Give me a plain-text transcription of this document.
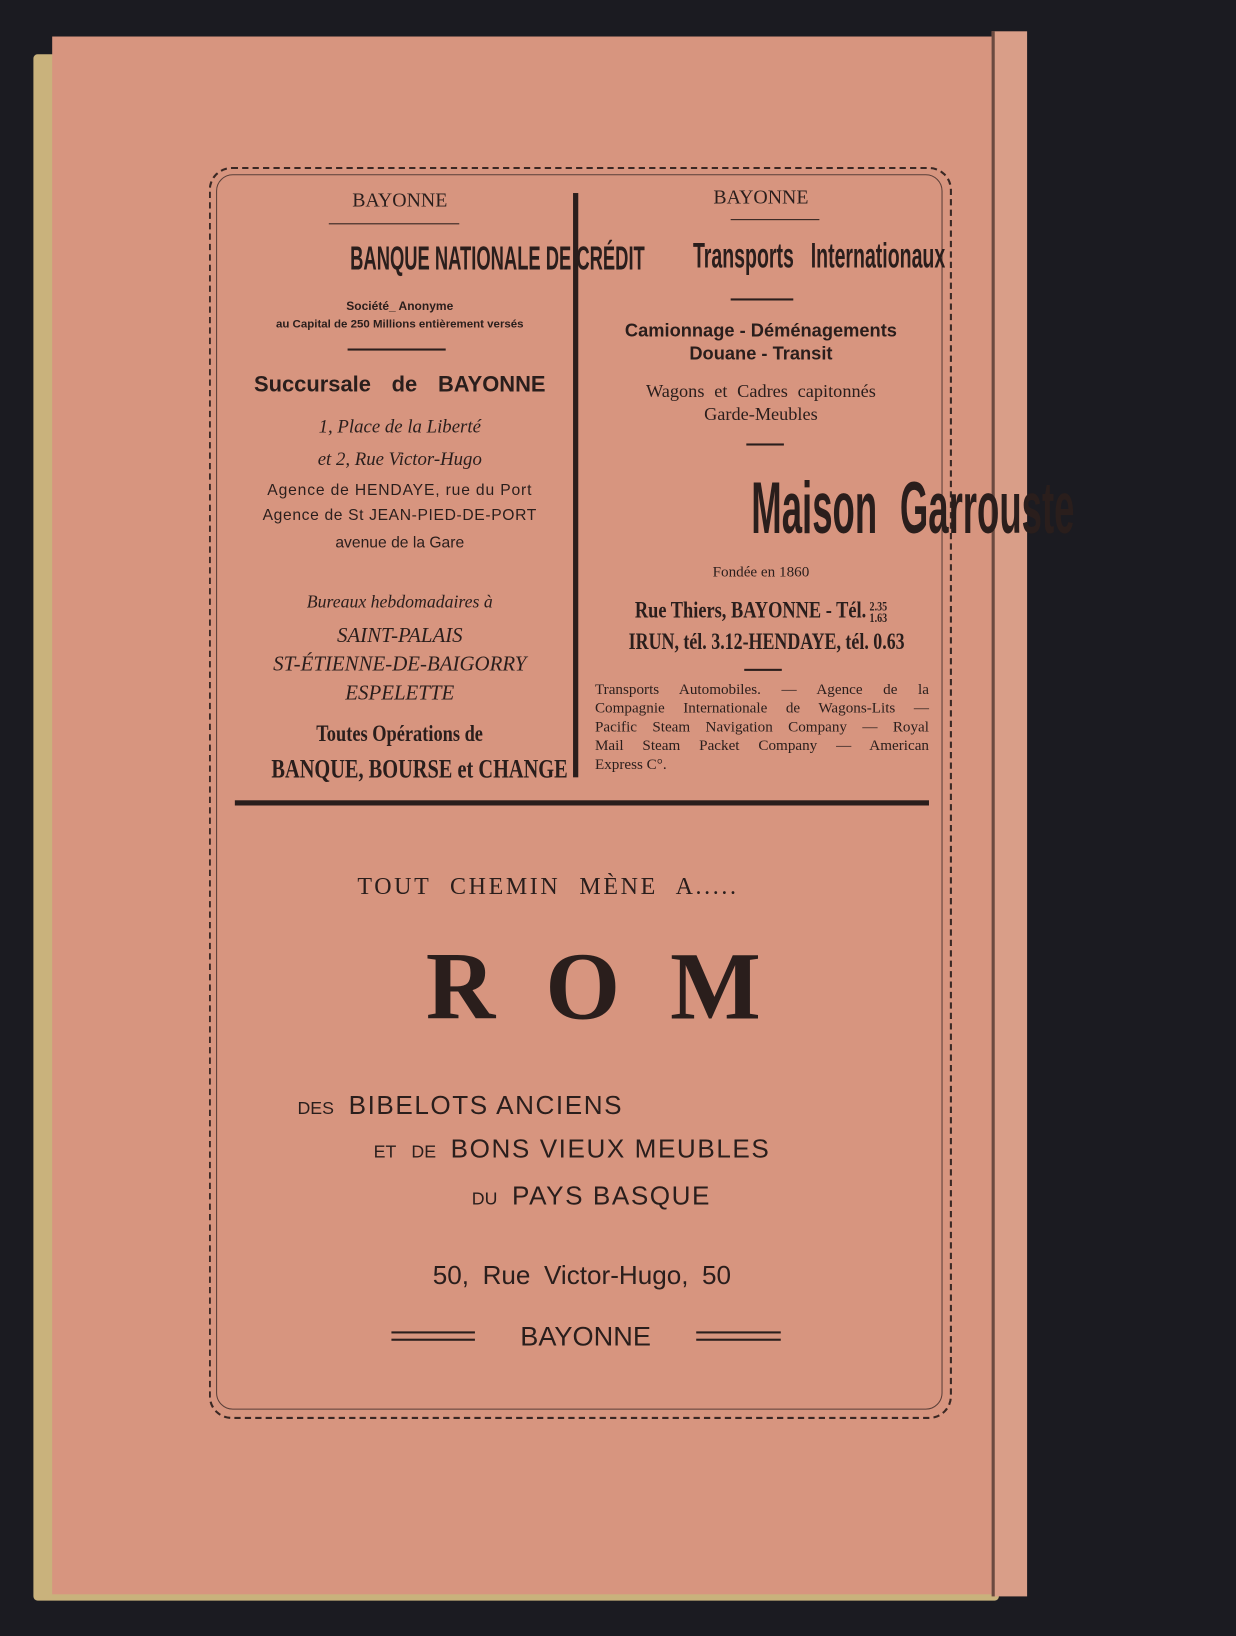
BAYONNE
BANQUE NATIONALE DE CRÉDIT
Société_ Anonyme
au Capital de 250 Millions entièrement versés
Succursale de BAYONNE
1, Place de la Liberté
et 2, Rue Victor-Hugo
Agence de HENDAYE, rue du Port
Agence de St JEAN-PIED-DE-PORT
avenue de la Gare
Bureaux hebdomadaires à
SAINT-PALAIS
ST-ÉTIENNE-DE-BAIGORRY
ESPELETTE
Toutes Opérations de
BANQUE, BOURSE et CHANGE
BAYONNE
Transports Internationaux
Camionnage - Déménagements
Douane - Transit
Wagons et Cadres capitonnés
Garde-Meubles
Maison Garrouste
Fondée en 1860
Rue Thiers, BAYONNE - Tél. 2.35
1.63
IRUN, tél. 3.12-HENDAYE, tél. 0.63
Transports Automobiles. — Agence de la
Compagnie Internationale de Wagons-Lits —
Pacific Steam Navigation Company — Royal
Mail Steam Packet Company — American
Express C°.
TOUT CHEMIN MÈNE A.....
ROM
DES BIBELOTS ANCIENS
ET DE BONS VIEUX MEUBLES
DU PAYS BASQUE
50, Rue Victor-Hugo, 50
BAYONNE
